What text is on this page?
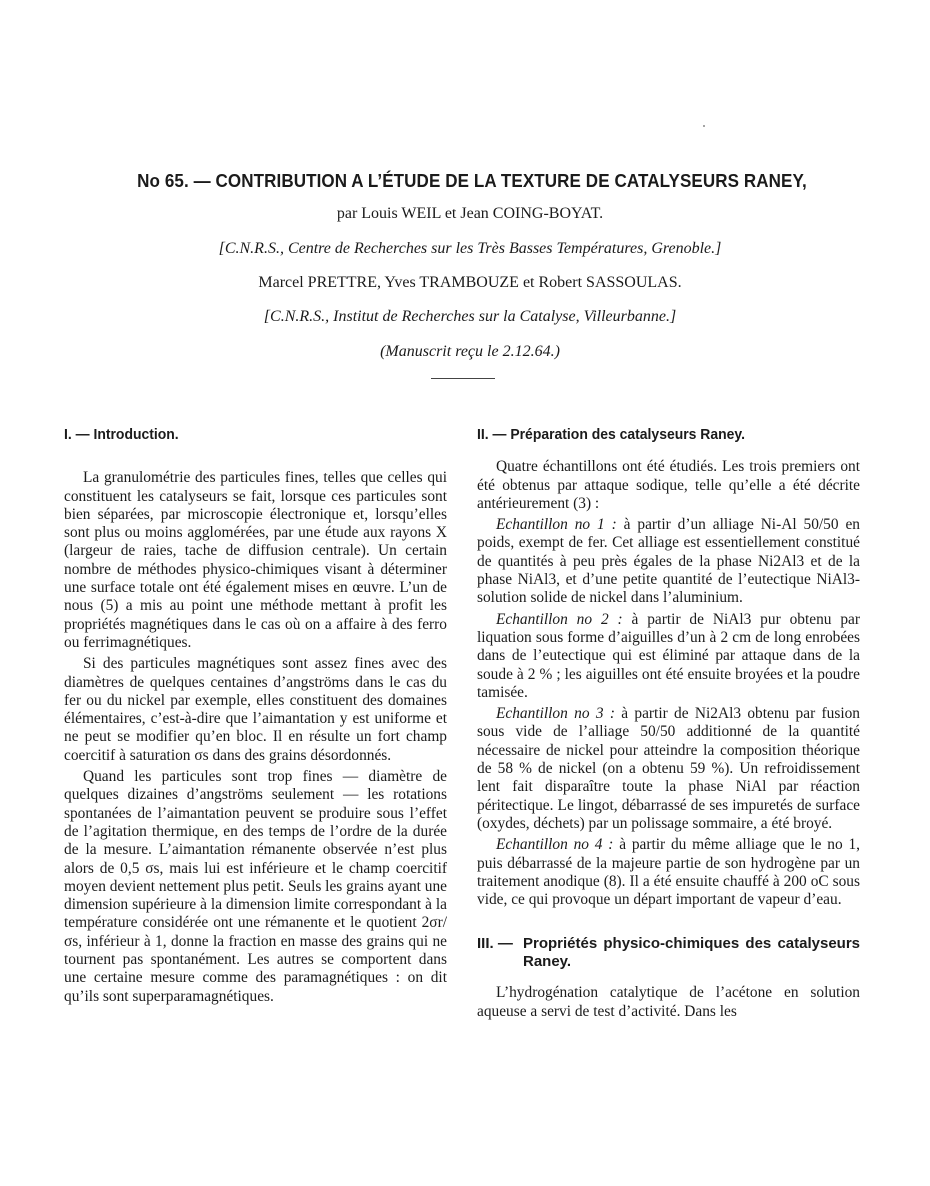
No 65. — CONTRIBUTION A L’ÉTUDE DE LA TEXTURE DE CATALYSEURS RANEY,
par Louis WEIL et Jean COING-BOYAT.
[C.N.R.S., Centre de Recherches sur les Très Basses Températures, Grenoble.]
Marcel PRETTRE, Yves TRAMBOUZE et Robert SASSOULAS.
[C.N.R.S., Institut de Recherches sur la Catalyse, Villeurbanne.]
(Manuscrit reçu le 2.12.64.)
I. — Introduction.

La granulométrie des particules fines, telles que celles qui constituent les catalyseurs se fait, lorsque ces particules sont bien séparées, par microscopie électronique et, lorsqu’elles sont plus ou moins agglomérées, par une étude aux rayons X (largeur de raies, tache de diffusion centrale). Un certain nombre de méthodes physico-chimiques visant à déterminer une surface totale ont été également mises en œuvre. L’un de nous (5) a mis au point une méthode mettant à profit les propriétés magnétiques dans le cas où on a affaire à des ferro ou ferrimagnétiques.

Si des particules magnétiques sont assez fines avec des diamètres de quelques centaines d’angströms dans le cas du fer ou du nickel par exemple, elles constituent des domaines élémentaires, c’est-à-dire que l’aimantation y est uniforme et ne peut se modifier qu’en bloc. Il en résulte un fort champ coercitif à saturation σs dans des grains désordonnés.

Quand les particules sont trop fines — diamètre de quelques dizaines d’angströms seulement — les rotations spontanées de l’aimantation peuvent se produire sous l’effet de l’agitation thermique, en des temps de l’ordre de la durée de la mesure. L’aimantation rémanente observée n’est plus alors de 0,5 σs, mais lui est inférieure et le champ coercitif moyen devient nettement plus petit. Seuls les grains ayant une dimension supérieure à la dimension limite correspondant à la température considérée ont une rémanente et le quotient 2σr/σs, inférieur à 1, donne la fraction en masse des grains qui ne tournent pas spontanément. Les autres se comportent dans une certaine mesure comme des paramagnétiques : on dit qu’ils sont superparamagnétiques.

II. — Préparation des catalyseurs Raney.

Quatre échantillons ont été étudiés. Les trois premiers ont été obtenus par attaque sodique, telle qu’elle a été décrite antérieurement (3) :

Echantillon no 1 : à partir d’un alliage Ni-Al 50/50 en poids, exempt de fer. Cet alliage est essentiellement constitué de quantités à peu près égales de la phase Ni2Al3 et de la phase NiAl3, et d’une petite quantité de l’eutectique NiAl3-solution solide de nickel dans l’aluminium.

Echantillon no 2 : à partir de NiAl3 pur obtenu par liquation sous forme d’aiguilles d’un à 2 cm de long enrobées dans de l’eutectique qui est éliminé par attaque dans de la soude à 2 % ; les aiguilles ont été ensuite broyées et la poudre tamisée.

Echantillon no 3 : à partir de Ni2Al3 obtenu par fusion sous vide de l’alliage 50/50 additionné de la quantité nécessaire de nickel pour atteindre la composition théorique de 58 % de nickel (on a obtenu 59 %). Un refroidissement lent fait disparaître toute la phase NiAl par réaction péritectique. Le lingot, débarrassé de ses impuretés de surface (oxydes, déchets) par un polissage sommaire, a été broyé.

Echantillon no 4 : à partir du même alliage que le no 1, puis débarrassé de la majeure partie de son hydrogène par un traitement anodique (8). Il a été ensuite chauffé à 200 oC sous vide, ce qui provoque un départ important de vapeur d’eau.

III. — Propriétés physico-chimiques des catalyseurs Raney.

L’hydrogénation catalytique de l’acétone en solution aqueuse a servi de test d’activité. Dans les
